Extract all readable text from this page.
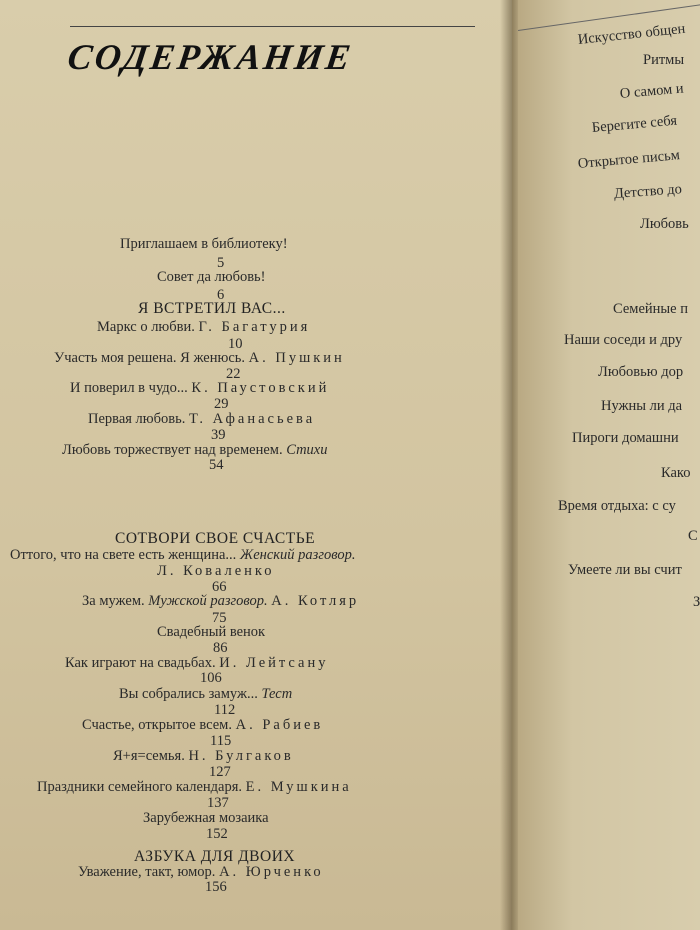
СОДЕРЖАНИЕ
Приглашаем в библиотеку!
5
Совет да любовь!
6
Я ВСТРЕТИЛ ВАС...
Маркс о любви. Г. Багатурия
10
Участь моя решена. Я женюсь. А. Пушкин
22
И поверил в чудо... К. Паустовский
29
Первая любовь. Т. Афанасьева
39
Любовь торжествует над временем. Стихи
54
СОТВОРИ СВОЕ СЧАСТЬЕ
Оттого, что на свете есть женщина... Женский разговор.
Л. Коваленко
66
За мужем. Мужской разговор. А. Котляр
75
Свадебный венок
86
Как играют на свадьбах. И. Лейтсану
106
Вы собрались замуж... Тест
112
Счастье, открытое всем. А. Рабиев
115
Я+я=семья. Н. Булгаков
127
Праздники семейного календаря. Е. Мушкина
137
Зарубежная мозаика
152
АЗБУКА ДЛЯ ДВОИХ
Уважение, такт, юмор. А. Юрченко
156
Искусство общен
Ритмы
О самом и
Берегите себя
Открытое письм
Детство до
Любовь
Семейные п
Наши соседи и дру
Любовью дор
Нужны ли да
Пироги домашни
Како
Время отдыха: с су
С
Умеете ли вы счит
З
